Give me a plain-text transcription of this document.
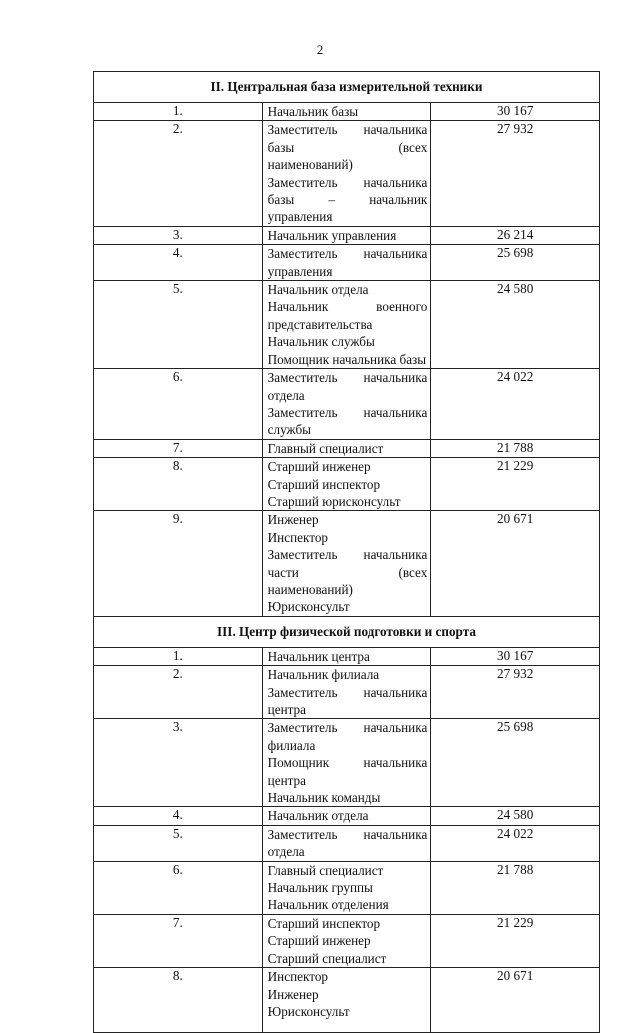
2
II. Центральная база измерительной техники		
1.	Начальник базы	30 167
2.	Заместитель начальника базы (всех
наименований)
Заместитель начальника базы – начальник
управления	27 932
3.	Начальник управления	26 214
4.	Заместитель начальника управления	25 698
5.	Начальник отдела
Начальник военного представительства
Начальник службы
Помощник начальника базы	24 580
6.	Заместитель начальника отдела
Заместитель начальника службы	24 022
7.	Главный специалист	21 788
8.	Старший инженер
Старший инспектор
Старший юрисконсульт	21 229
9.	Инженер
Инспектор
Заместитель начальника части (всех
наименований)
Юрисконсульт	20 671
III. Центр физической подготовки и спорта		
1.	Начальник центра	30 167
2.	Начальник филиала
Заместитель начальника центра	27 932
3.	Заместитель начальника филиала
Помощник начальника центра
Начальник команды	25 698
4.	Начальник отдела	24 580
5.	Заместитель начальника отдела	24 022
6.	Главный специалист
Начальник группы
Начальник отделения	21 788
7.	Старший инспектор
Старший инженер
Старший специалист	21 229
8.	Инспектор
Инженер
Юрисконсульт	20 671
